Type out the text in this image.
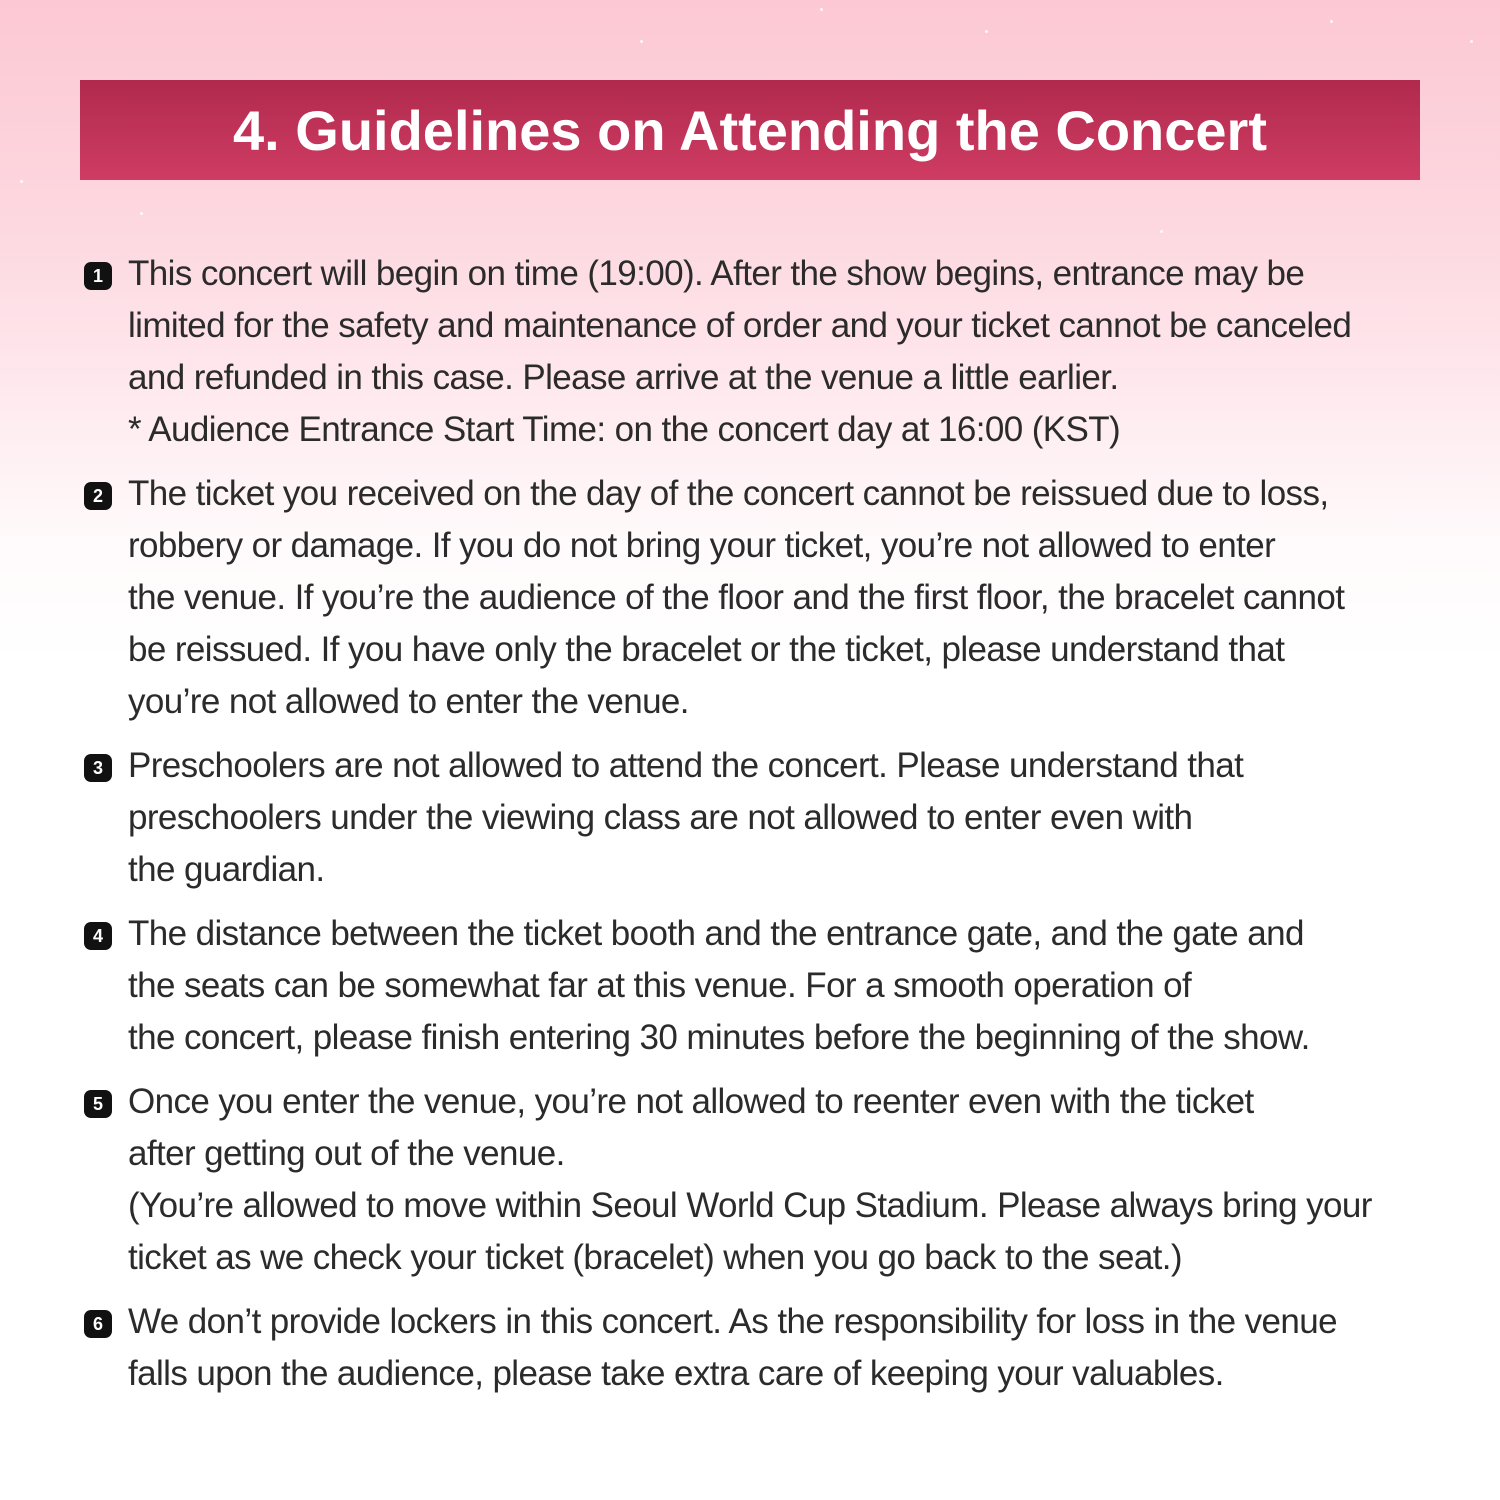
4. Guidelines on Attending the Concert
1 This concert will begin on time (19:00). After the show begins, entrance may be
limited for the safety and maintenance of order and your ticket cannot be canceled
and refunded in this case. Please arrive at the venue a little earlier.
* Audience Entrance Start Time: on the concert day at 16:00 (KST)
2 The ticket you received on the day of the concert cannot be reissued due to loss,
robbery or damage. If you do not bring your ticket, you’re not allowed to enter
the venue. If you’re the audience of the floor and the first floor, the bracelet cannot
be reissued. If you have only the bracelet or the ticket, please understand that
you’re not allowed to enter the venue.
3 Preschoolers are not allowed to attend the concert. Please understand that
preschoolers under the viewing class are not allowed to enter even with
the guardian.
4 The distance between the ticket booth and the entrance gate, and the gate and
the seats can be somewhat far at this venue. For a smooth operation of
the concert, please finish entering 30 minutes before the beginning of the show.
5 Once you enter the venue, you’re not allowed to reenter even with the ticket
after getting out of the venue.
(You’re allowed to move within Seoul World Cup Stadium. Please always bring your
ticket as we check your ticket (bracelet) when you go back to the seat.)
6 We don’t provide lockers in this concert. As the responsibility for loss in the venue
falls upon the audience, please take extra care of keeping your valuables.
